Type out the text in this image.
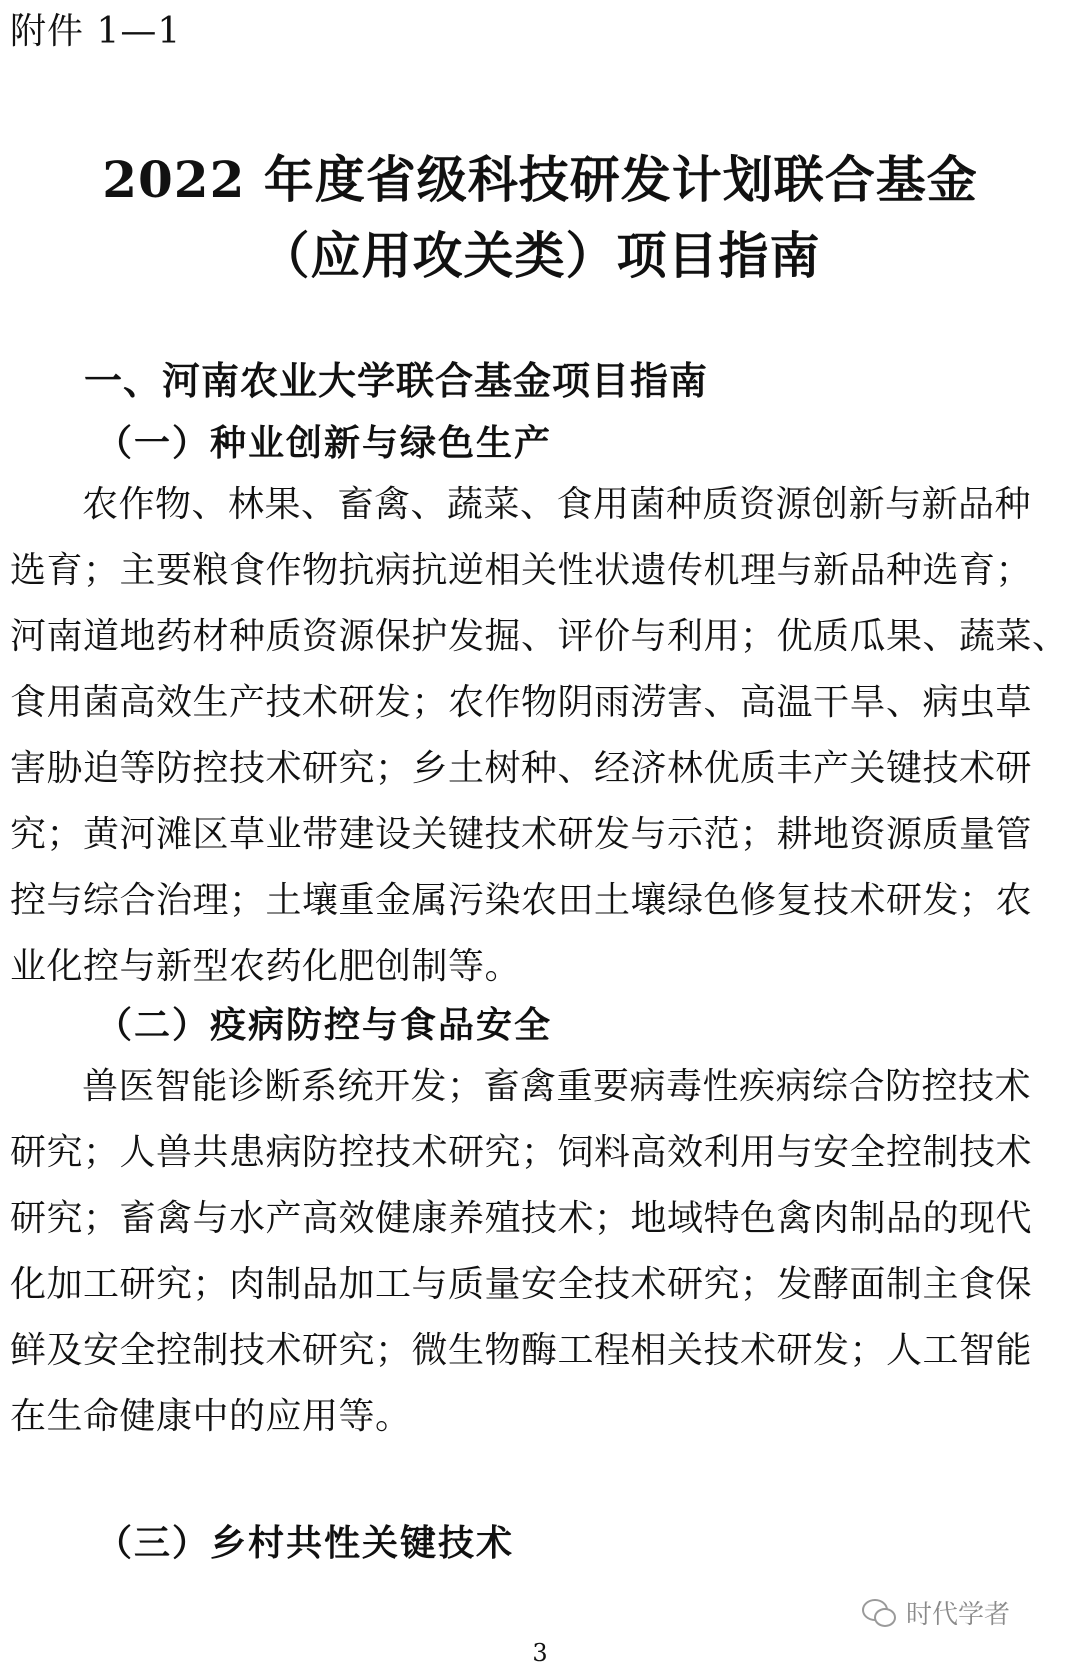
附件 1—1
2022 年度省级科技研发计划联合基金
（应用攻关类）项目指南
一、河南农业大学联合基金项目指南
（一）种业创新与绿色生产
农作物、林果、畜禽、蔬菜、食用菌种质资源创新与新品种
选育；主要粮食作物抗病抗逆相关性状遗传机理与新品种选育；
河南道地药材种质资源保护发掘、评价与利用；优质瓜果、蔬菜、
食用菌高效生产技术研发；农作物阴雨涝害、高温干旱、病虫草
害胁迫等防控技术研究；乡土树种、经济林优质丰产关键技术研
究；黄河滩区草业带建设关键技术研发与示范；耕地资源质量管
控与综合治理；土壤重金属污染农田土壤绿色修复技术研发；农
业化控与新型农药化肥创制等。
（二）疫病防控与食品安全
兽医智能诊断系统开发；畜禽重要病毒性疾病综合防控技术
研究；人兽共患病防控技术研究；饲料高效利用与安全控制技术
研究；畜禽与水产高效健康养殖技术；地域特色禽肉制品的现代
化加工研究；肉制品加工与质量安全技术研究；发酵面制主食保
鲜及安全控制技术研究；微生物酶工程相关技术研发；人工智能
在生命健康中的应用等。
（三）乡村共性关键技术
时代学者
3
